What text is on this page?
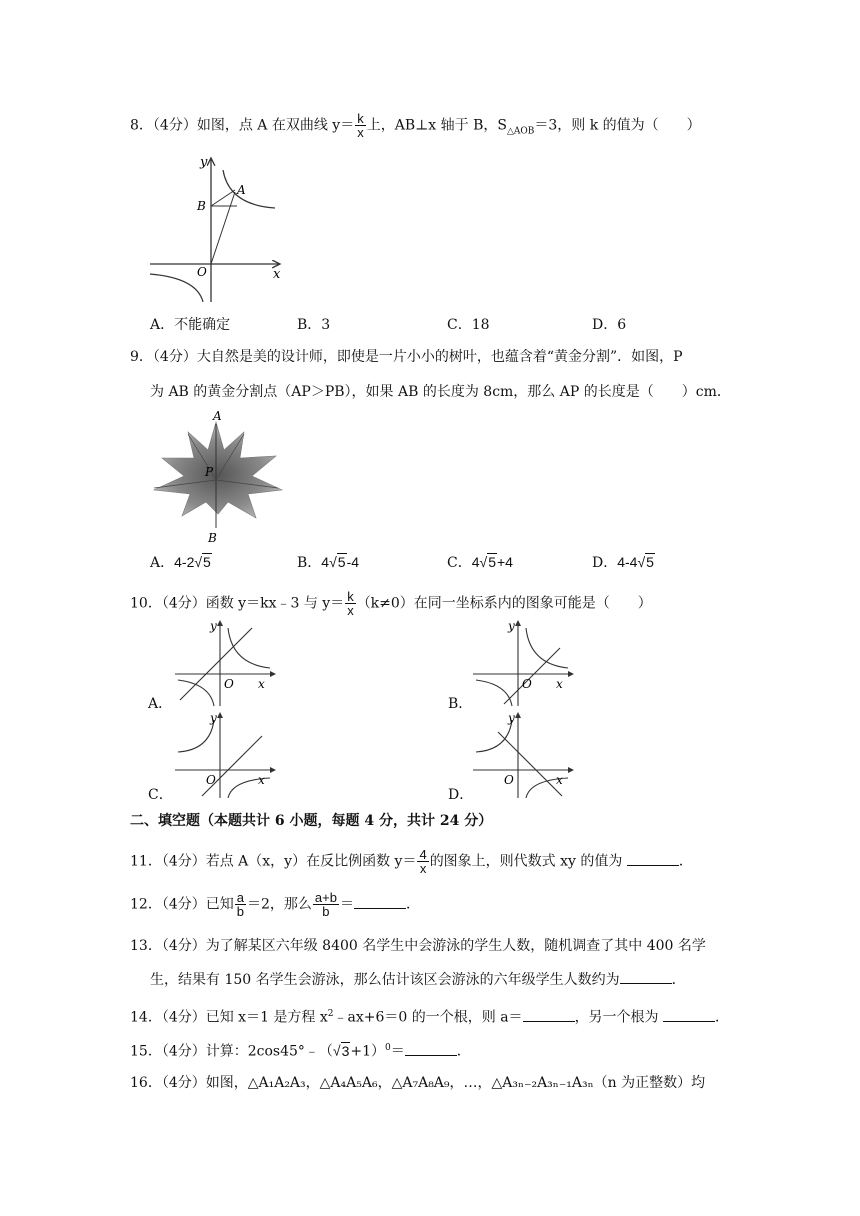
8．（4分）如图，点 A 在双曲线 $y= \frac{k}{x}$ 上，AB⊥x 轴于 B，$S_{\triangle AOB}=3$，则 k 的值为（　　）
y
x
O
A
B
A．不能确定	B．3	C．18	D．6
9．（4分）大自然是美的设计师，即使是一片小小的树叶，也蕴含着“黄金分割”．如图，P
为 AB 的黄金分割点（AP＞PB），如果 AB 的长度为 8cm，那么 AP 的长度是（　　）cm．
A
P
B
A．4-2√5	B．4√5-4	C．4√5+4	D．4-4√5
10．（4分）函数 y＝kx﹣3 与 $y= \frac{k}{x} (k\ne 0)$在同一坐标系内的图象可能是（　　）
y
x
O
A．
y
x
O
B．
y
x
O
C．
y
x
O
D．
二、填空题（本题共计 6 小题，每题 4 分，共计 24 分）
11．（4分）若点 A（x，y）在反比例函数 $y= \frac{4}{x}$ 的图象上，则代数式 xy 的值为	．
12．（4分）已知 $\frac{a}{b} =2$，那么 $\frac{a+b}{b}$ ＝	．
13．（4分）为了解某区六年级 8400 名学生中会游泳的学生人数，随机调查了其中 400 名学
生，结果有 150 名学生会游泳，那么估计该区会游泳的六年级学生人数约为	．
14．（4分）已知 x＝1 是方程 $x^2﹣ax+6=0$ 的一个根，则 a＝	，另一个根为	．
15．（4分）计算：$2\cos 45^\circ﹣(√3+1)^0=$	．
16．（4分）如图，△A₁A₂A₃，△A₄A₅A₆，△A₇A₈A₉，…，△A₃ₙ₋₂A₃ₙ₋₁A₃ₙ（n 为正整数）均
